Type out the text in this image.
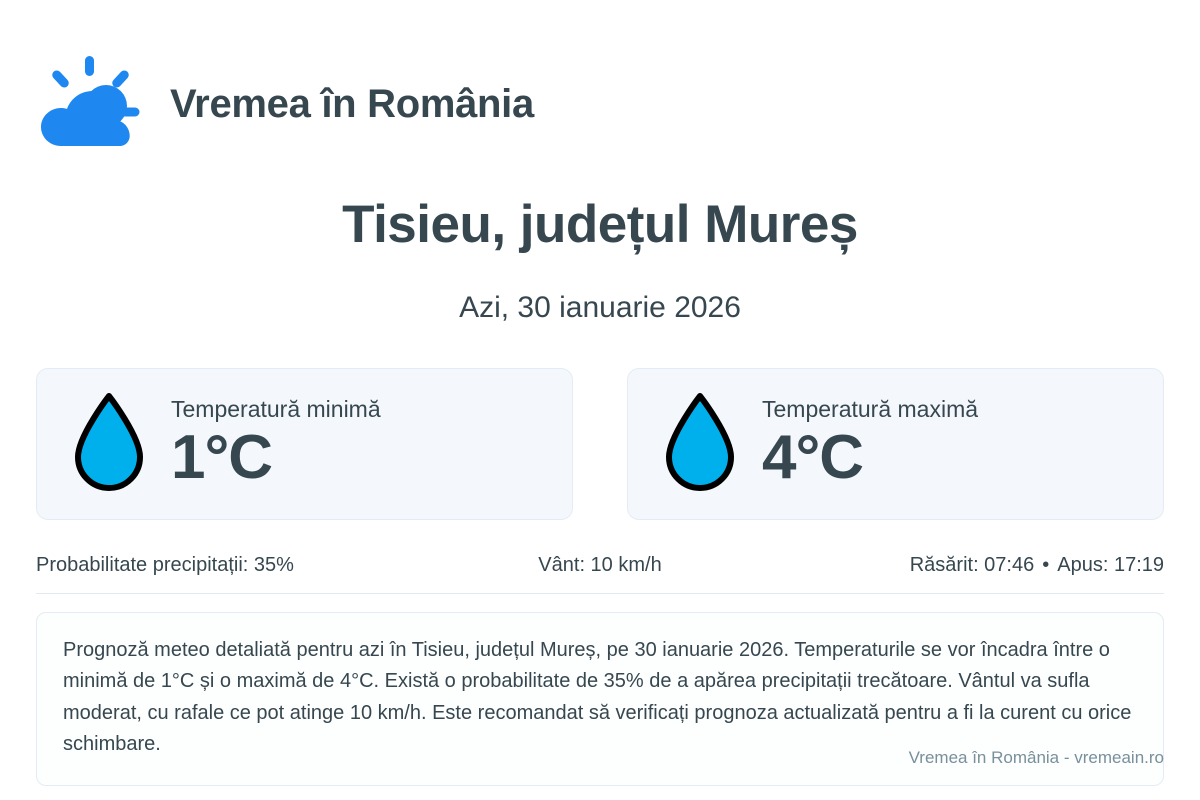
Vremea în România
Tisieu, județul Mureș
Azi, 30 ianuarie 2026
Temperatură minimă
1°C
Temperatură maximă
4°C
Probabilitate precipitații: 35%	Vânt: 10 km/h	Răsărit: 07:46 • Apus: 17:19
Prognoză meteo detaliată pentru azi în Tisieu, județul Mureș, pe 30 ianuarie 2026. Temperaturile se vor încadra între o minimă de 1°C și o maximă de 4°C. Există o probabilitate de 35% de a apărea precipitații trecătoare. Vântul va sufla moderat, cu rafale ce pot atinge 10 km/h. Este recomandat să verificați prognoza actualizată pentru a fi la curent cu orice schimbare.
Vremea în România - vremeain.ro
